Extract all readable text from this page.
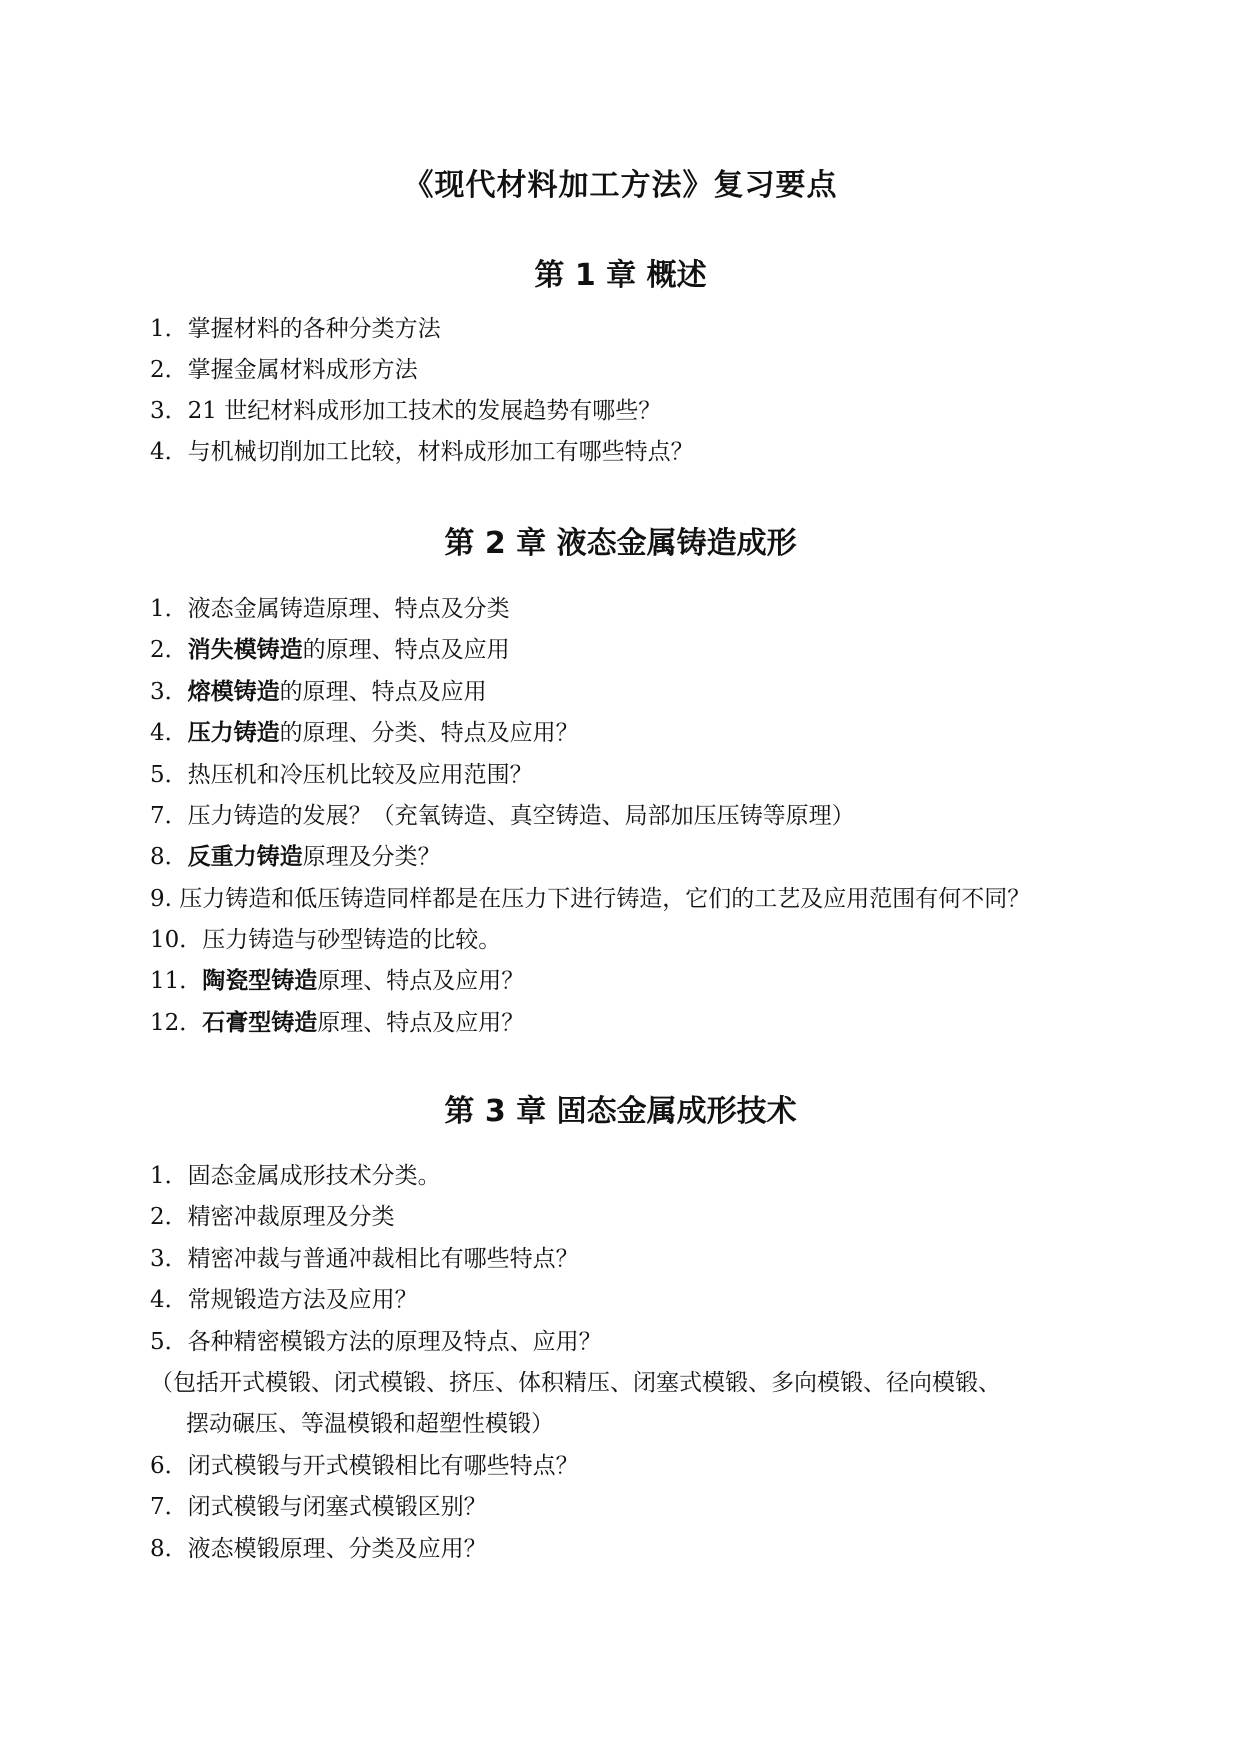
《现代材料加工方法》复习要点
第 1 章 概述
1．掌握材料的各种分类方法
2．掌握金属材料成形方法
3．21 世纪材料成形加工技术的发展趋势有哪些？
4．与机械切削加工比较，材料成形加工有哪些特点？
第 2 章 液态金属铸造成形
1．液态金属铸造原理、特点及分类
2．消失模铸造的原理、特点及应用
3．熔模铸造的原理、特点及应用
4．压力铸造的原理、分类、特点及应用？
5．热压机和冷压机比较及应用范围？
7．压力铸造的发展？（充氧铸造、真空铸造、局部加压压铸等原理）
8．反重力铸造原理及分类？
9. 压力铸造和低压铸造同样都是在压力下进行铸造，它们的工艺及应用范围有何不同？
10．压力铸造与砂型铸造的比较。
11．陶瓷型铸造原理、特点及应用？
12．石膏型铸造原理、特点及应用？
第 3 章 固态金属成形技术
1．固态金属成形技术分类。
2．精密冲裁原理及分类
3．精密冲裁与普通冲裁相比有哪些特点？
4．常规锻造方法及应用？
5．各种精密模锻方法的原理及特点、应用？
（包括开式模锻、闭式模锻、挤压、体积精压、闭塞式模锻、多向模锻、径向模锻、
摆动碾压、等温模锻和超塑性模锻）
6．闭式模锻与开式模锻相比有哪些特点？
7．闭式模锻与闭塞式模锻区别？
8．液态模锻原理、分类及应用？
